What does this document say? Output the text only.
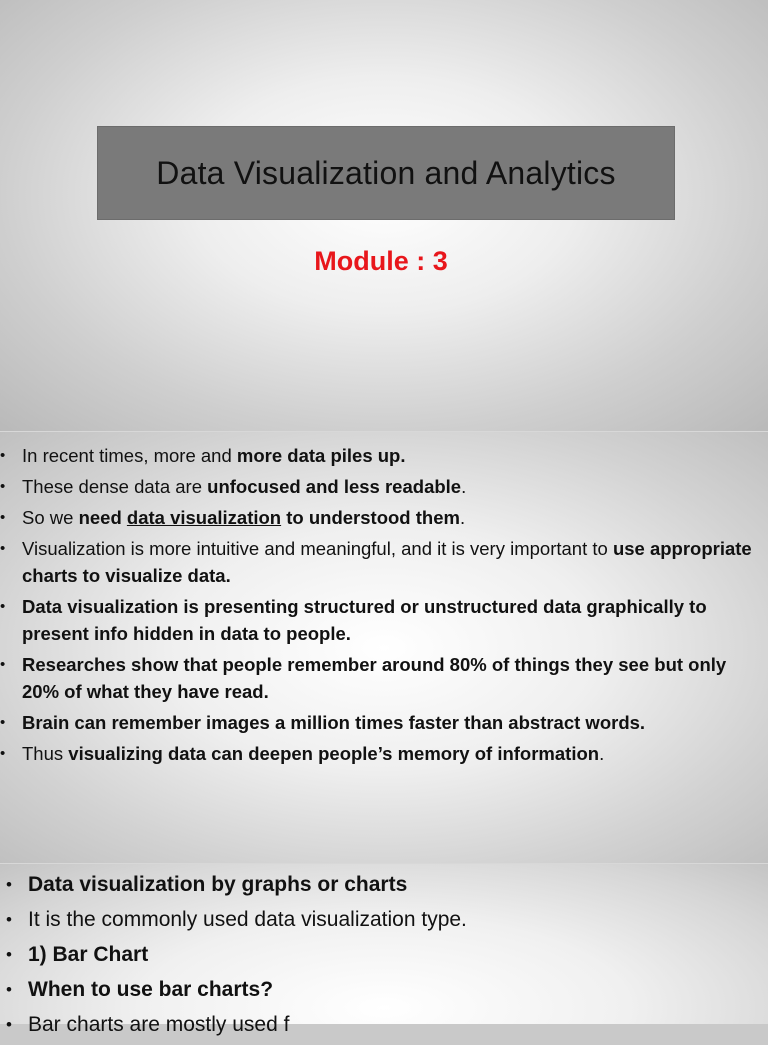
Data Visualization and Analytics
Module : 3
• In recent times, more and more data piles up.
• These dense data are unfocused and less readable.
• So we need data visualization to understood them.
• Visualization is more intuitive and meaningful, and it is very important to use appropriate charts to visualize data.
• Data visualization is presenting structured or unstructured data graphically to present info hidden in data to people.
• Researches show that people remember around 80% of things they see but only 20% of what they have read.
• Brain can remember images a million times faster than abstract words.
• Thus visualizing data can deepen people’s memory of information.
• Data visualization by graphs or charts
• It is the commonly used data visualization type.
• 1) Bar Chart
• When to use bar charts?
• Bar charts are mostly used f
